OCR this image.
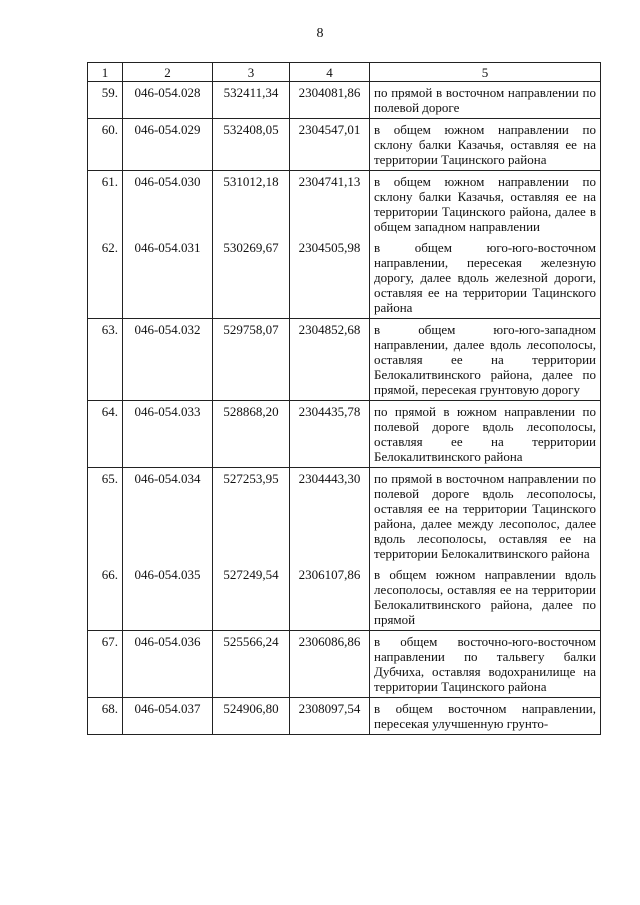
8
1	2	3	4	5
59.	046-054.028	532411,34	2304081,86	по прямой в восточном направлении по полевой дороге
60.	046-054.029	532408,05	2304547,01	в общем южном направлении по склону балки Казачья, оставляя ее на территории Тацинского района
61.	046-054.030	531012,18	2304741,13	в общем южном направлении по склону балки Казачья, оставляя ее на территории Тацинского района, далее в общем западном направлении
62.	046-054.031	530269,67	2304505,98	в общем юго-юго-восточном направлении, пересекая железную дорогу, далее вдоль железной дороги, оставляя ее на территории Тацинского района
63.	046-054.032	529758,07	2304852,68	в общем юго-юго-западном направлении, далее вдоль лесополосы, оставляя ее на территории Белокалитвинского района, далее по прямой, пересекая грунтовую дорогу
64.	046-054.033	528868,20	2304435,78	по прямой в южном направлении по полевой дороге вдоль лесополосы, оставляя ее на территории Белокалитвинского района
65.	046-054.034	527253,95	2304443,30	по прямой в восточном направлении по полевой дороге вдоль лесополосы, оставляя ее на территории Тацинского района, далее между лесополос, далее вдоль лесополосы, оставляя ее на территории Белокалитвинского района
66.	046-054.035	527249,54	2306107,86	в общем южном направлении вдоль лесополосы, оставляя ее на территории Белокалитвинского района, далее по прямой
67.	046-054.036	525566,24	2306086,86	в общем восточно-юго-восточном направлении по тальвегу балки Дубчиха, оставляя водохранилище на территории Тацинского района
68.	046-054.037	524906,80	2308097,54	в общем восточном направлении, пересекая улучшенную грунто-
